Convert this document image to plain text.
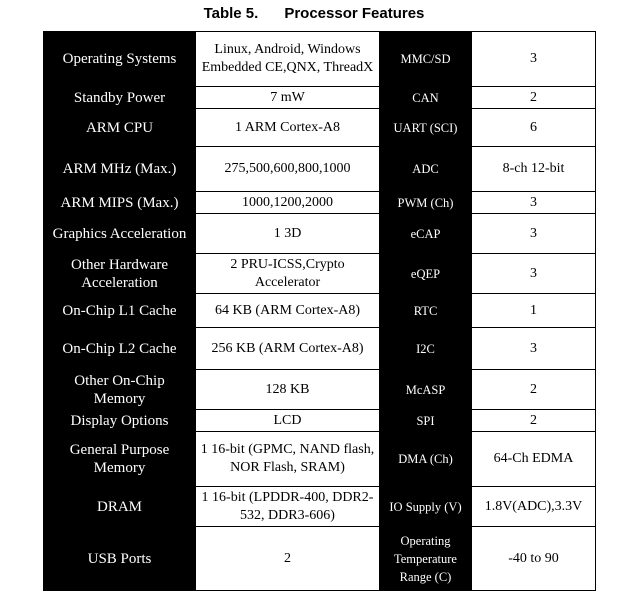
Table 5. Processor Features
Operating Systems	Linux, Android, Windows Embedded CE,QNX, ThreadX	MMC/SD	3
Standby Power	7 mW	CAN	2
ARM CPU	1 ARM Cortex-A8	UART (SCI)	6
ARM MHz (Max.)	275,500,600,800,1000	ADC	8-ch 12-bit
ARM MIPS (Max.)	1000,1200,2000	PWM (Ch)	3
Graphics Acceleration	1 3D	eCAP	3
Other Hardware Acceleration	2 PRU-ICSS,Crypto Accelerator	eQEP	3
On-Chip L1 Cache	64 KB (ARM Cortex-A8)	RTC	1
On-Chip L2 Cache	256 KB (ARM Cortex-A8)	I2C	3
Other On-Chip Memory	128 KB	McASP	2
Display Options	LCD	SPI	2
General Purpose Memory	1 16-bit (GPMC, NAND flash, NOR Flash, SRAM)	DMA (Ch)	64-Ch EDMA
DRAM	1 16-bit (LPDDR-400, DDR2-532, DDR3-606)	IO Supply (V)	1.8V(ADC),3.3V
USB Ports	2	Operating Temperature Range (C)	-40 to 90
